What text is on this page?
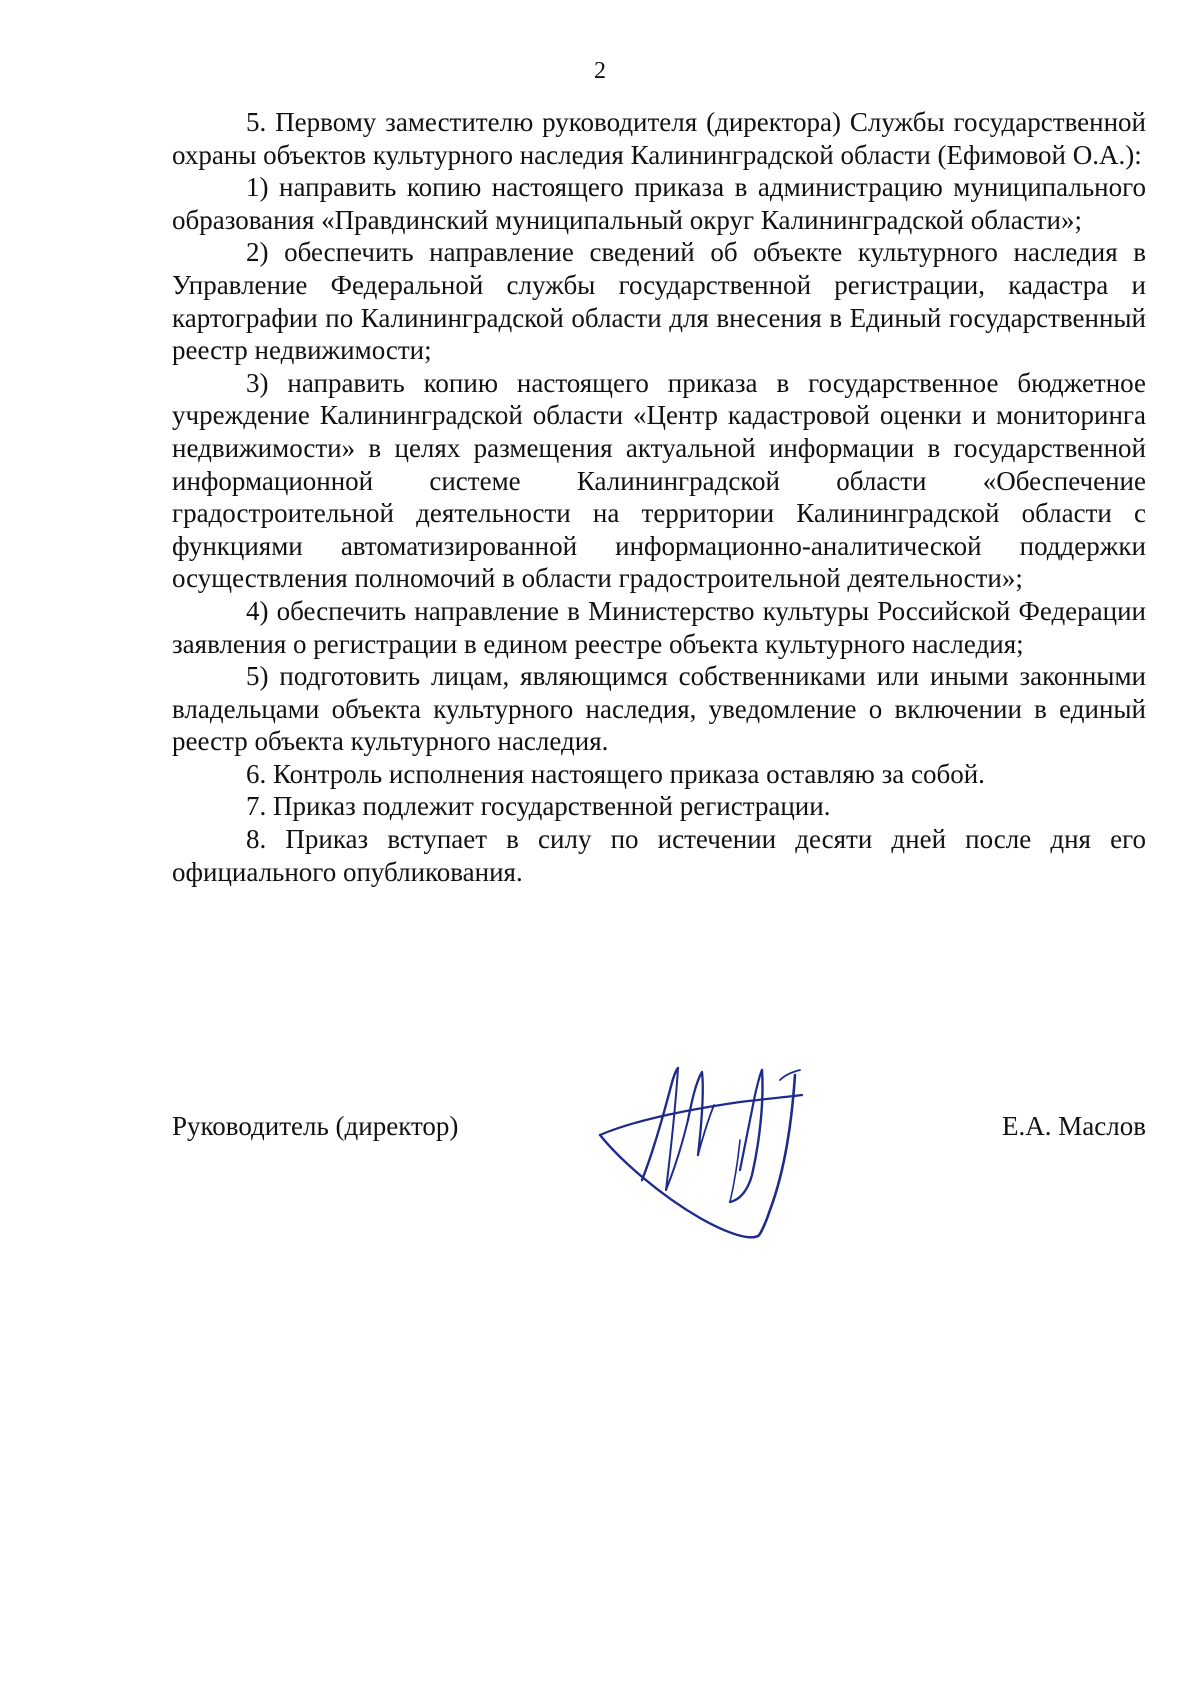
2

5. Первому заместителю руководителя (директора) Службы государственной охраны объектов культурного наследия Калининградской области (Ефимовой О.А.):

1) направить копию настоящего приказа в администрацию муниципального образования «Правдинский муниципальный округ Калининградской области»;

2) обеспечить направление сведений об объекте культурного наследия в Управление Федеральной службы государственной регистрации, кадастра и картографии по Калининградской области для внесения в Единый государственный реестр недвижимости;

3) направить копию настоящего приказа в государственное бюджетное учреждение Калининградской области «Центр кадастровой оценки и мониторинга недвижимости» в целях размещения актуальной информации в государственной информационной системе Калининградской области «Обеспечение градостроительной деятельности на территории Калининградской области с функциями автоматизированной информационно-аналитической поддержки осуществления полномочий в области градостроительной деятельности»;

4) обеспечить направление в Министерство культуры Российской Федерации заявления о регистрации в едином реестре объекта культурного наследия;

5) подготовить лицам, являющимся собственниками или иными законными владельцами объекта культурного наследия, уведомление о включении в единый реестр объекта культурного наследия.

6. Контроль исполнения настоящего приказа оставляю за собой.

7. Приказ подлежит государственной регистрации.

8. Приказ вступает в силу по истечении десяти дней после дня его официального опубликования.

Руководитель (директор)	Е.А. Маслов
